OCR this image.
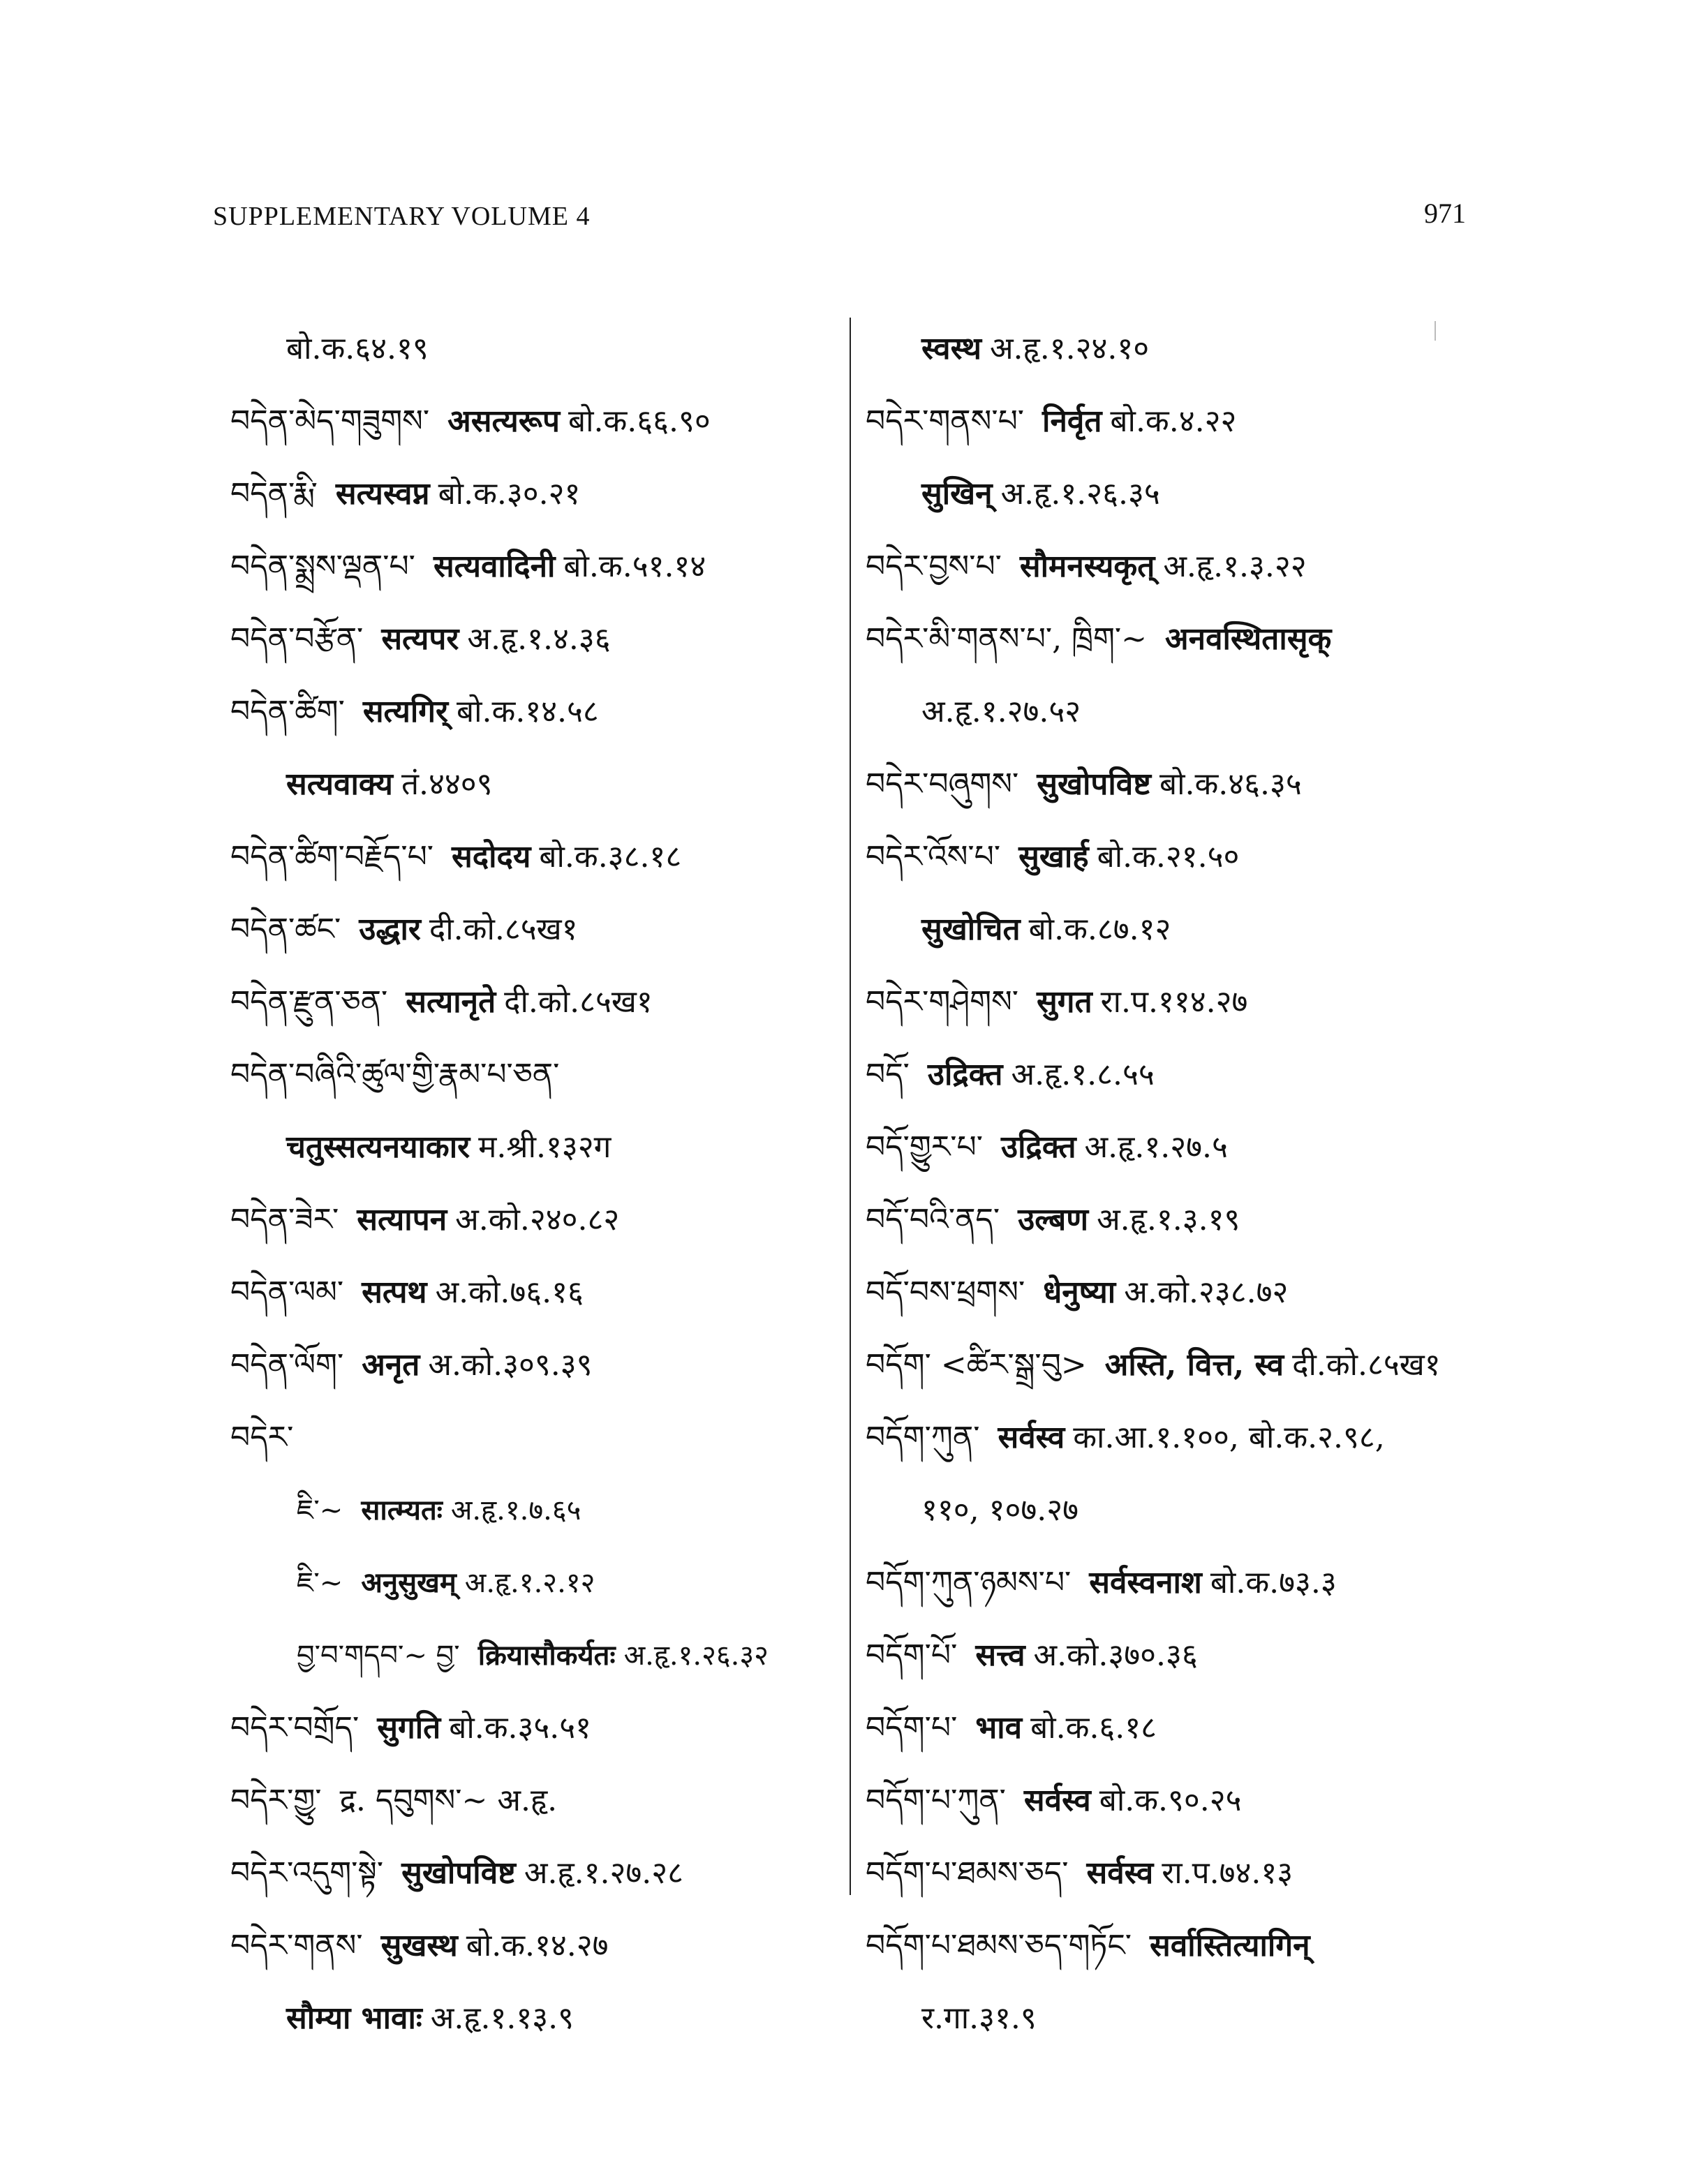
SUPPLEMENTARY VOLUME 4	971
बो.क.६४.१९
བདེན་མེད་གཟུགས་ असत्यरूप बो.क.६६.९०
བདེན་རྨི་ सत्यस्वप्न बो.क.३०.२१
བདེན་སྨྲས་ལྡན་པ་ सत्यवादिनी बो.क.५१.१४
བདེན་བརྩོན་ सत्यपर अ.हृ.१.४.३६
བདེན་ཚིག་ सत्यगिर् बो.क.१४.५८
सत्यवाक्य तं.४४०९
བདེན་ཚིག་བརྗོད་པ་ सदोदय बो.क.३८.१८
བདེན་ཚང་ उद्धार दी.को.८५ख१
བདེན་རྫུན་ཅན་ सत्यानृते दी.को.८५ख१
བདེན་བཞིའི་ཚུལ་གྱི་རྣམ་པ་ཅན་
चतुस्सत्यनयाकार म.श्री.१३२ग
བདེན་ཟེར་ सत्यापन अ.को.२४०.८२
བདེན་ལམ་ सत्पथ अ.को.७६.१६
བདེན་ལོག་ अनृत अ.को.३०९.३९
བདེར་
ཇི་~ सात्म्यतः अ.हृ.१.७.६५
ཇི་~ अनुसुखम् अ.हृ.१.२.१२
བྱ་བ་གདབ་~ བྱ་ क्रियासौकर्यतः अ.हृ.१.२६.३२
བདེར་བགྲོད་ सुगति बो.क.३५.५१
བདེར་གྱུ་ द्र. དབུགས་~ अ.हृ.
བདེར་འདུག་སྟེ་ सुखोपविष्ट अ.हृ.१.२७.२८
བདེར་གནས་ सुखस्थ बो.क.१४.२७
सौम्या भावाः अ.हृ.१.१३.९
स्वस्थ अ.हृ.१.२४.१०
བདེར་གནས་པ་ निर्वृत बो.क.४.२२
सुखिन् अ.हृ.१.२६.३५
བདེར་བྱས་པ་ सौमनस्यकृत् अ.हृ.१.३.२२
བདེར་མི་གནས་པ་, ཁྲིག་~ अनवस्थितासृक्
अ.हृ.१.२७.५२
བདེར་བཞུགས་ सुखोपविष्ट बो.क.४६.३५
བདེར་འོས་པ་ सुखार्ह बो.क.२१.५०
सुखोचित बो.क.८७.१२
བདེར་གཤེགས་ सुगत रा.प.११४.२७
བདོ་ उद्रिक्त अ.हृ.१.८.५५
བདོ་གྱུར་པ་ उद्रिक्त अ.हृ.१.२७.५
བདོ་བའི་ནད་ उल्बण अ.हृ.१.३.१९
བདོ་བས་ཕྲགས་ धेनुष्या अ.को.२३८.७२
བདོག་ <ཚིར་སྒྲ་བུ> अस्ति, वित्त, स्व दी.को.८५ख१
བདོག་ཀུན་ सर्वस्व का.आ.१.१००, बो.क.२.९८,
११०, १०७.२७
བདོག་ཀུན་ཉམས་པ་ सर्वस्वनाश बो.क.७३.३
བདོག་པོ་ सत्त्व अ.को.३७०.३६
བདོག་པ་ भाव बो.क.६.१८
བདོག་པ་ཀུན་ सर्वस्व बो.क.९०.२५
བདོག་པ་ཐམས་ཅད་ सर्वस्व रा.प.७४.१३
བདོག་པ་ཐམས་ཅད་གཏོང་ सर्वास्तित्यागिन्
र.गा.३१.९
